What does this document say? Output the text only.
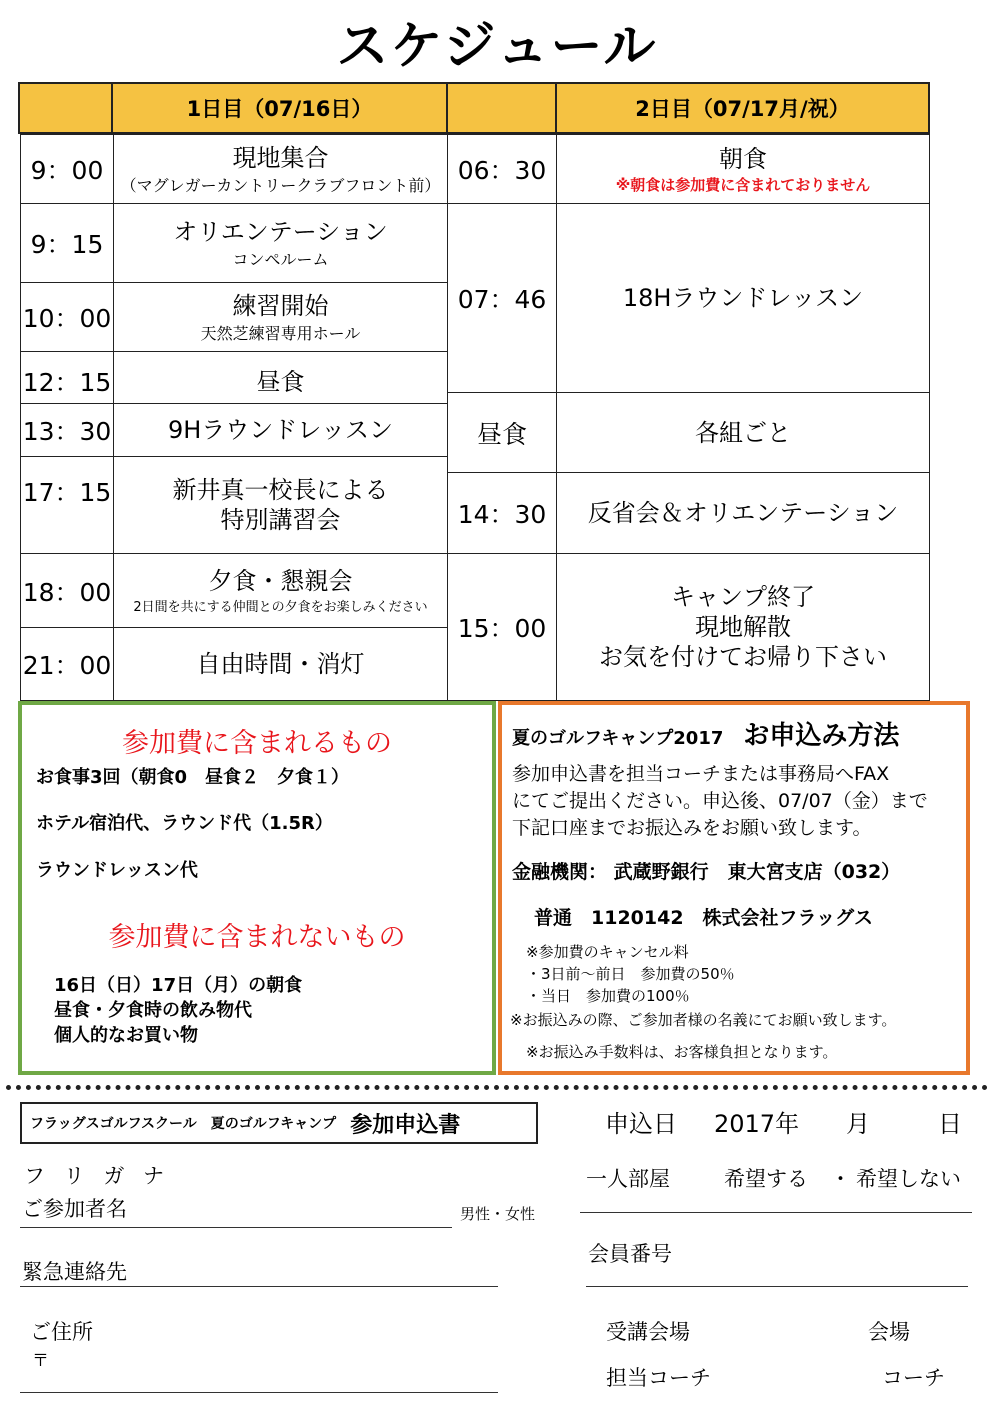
スケジュール
1日目（07/16日）	2日目（07/17月/祝）
9：00	現地集合
（マグレガーカントリークラブフロント前）
9：15	オリエンテーション
コンペルーム
10：00	練習開始
天然芝練習専用ホール
12：15	昼食
13：30 9Hラウンドレッスン
17：15	新井真一校長による
特別講習会
18：00	夕食・懇親会
2日間を共にする仲間との夕食をお楽しみください
21：00	自由時間・消灯
06：30	朝食
※朝食は参加費に含まれておりません
07：46	18Hラウンドレッスン
昼食	各組ごと
14：30	反省会＆オリエンテーション
15：00
キャンプ終了
現地解散
お気を付けてお帰り下さい
参加費に含まれるもの
お食事3回（朝食0　昼食２　夕食１）
ホテル宿泊代、ラウンド代（1.5R）
ラウンドレッスン代
参加費に含まれないもの
16日（日）17日（月）の朝食
昼食・夕食時の飲み物代
個人的なお買い物
夏のゴルフキャンプ2017 お申込み方法
参加申込書を担当コーチまたは事務局へFAX
にてご提出ください。申込後、07/07（金）まで
下記口座までお振込みをお願い致します。
金融機関： 武蔵野銀行　東大宮支店（032）
普通　1120142　株式会社フラッグス
※参加費のキャンセル料
・3日前～前日　参加費の50％
・当日　参加費の100％
※お振込みの際、ご参加者様の名義にてお願い致します。
※お振込み手数料は、お客様負担となります。
フラッグスゴルフスクール　夏のゴルフキャンプ 参加申込書	申込日 2017年 月	日
フ リ ガ ナ
ご参加者名	男性・女性
緊急連絡先
ご住所
〒
一人部屋	希望する ・ 希望しない
会員番号
受講会場	会場
担当コーチ	コーチ
